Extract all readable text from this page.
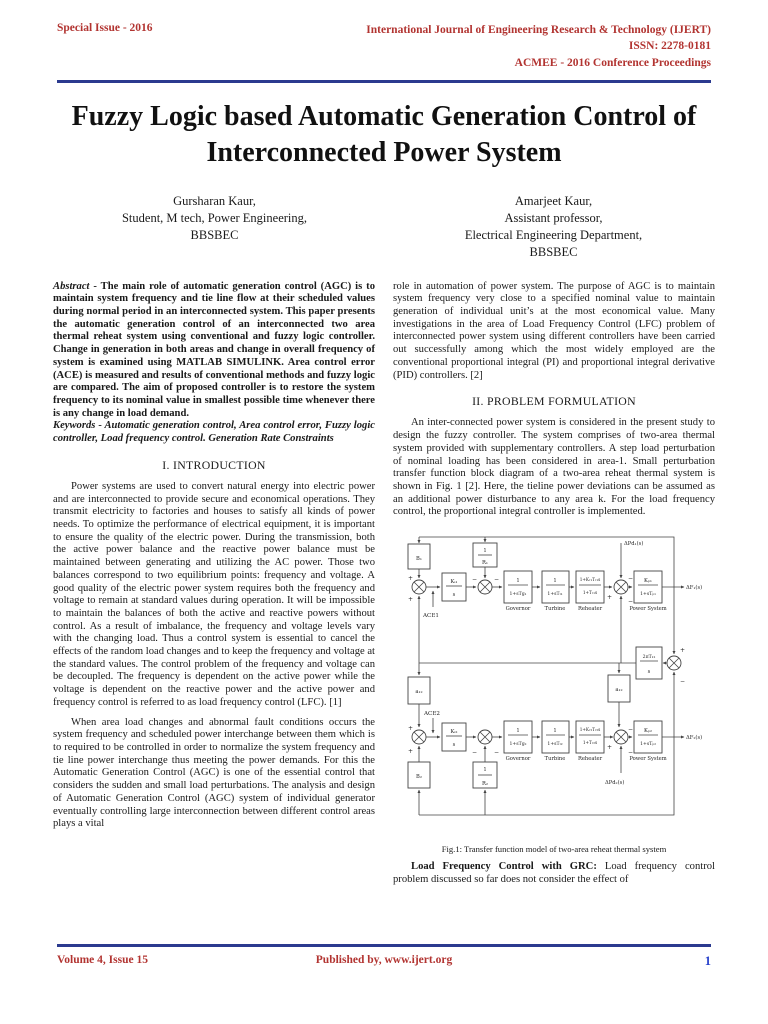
Special Issue - 2016	International Journal of Engineering Research & Technology (IJERT)
ISSN: 2278-0181
ACMEE - 2016 Conference Proceedings
Fuzzy Logic based Automatic Generation Control of Interconnected Power System
Gursharan Kaur,
Student, M tech, Power Engineering,
BBSBEC
Amarjeet Kaur,
Assistant professor,
Electrical Engineering Department,
BBSBEC

Abstract - The main role of automatic generation control (AGC) is to maintain system frequency and tie line flow at their scheduled values during normal period in an interconnected system. This paper presents the automatic generation control of an interconnected two area thermal reheat system using conventional and fuzzy logic controller. Change in generation in both areas and change in overall frequency of system is examined using MATLAB SIMULINK. Area control error (ACE) is measured and results of conventional methods and fuzzy logic are compared. The aim of proposed controller is to restore the system frequency to its nominal value in smallest possible time whenever there is any change in load demand.

Keywords - Automatic generation control, Area control error, Fuzzy logic controller, Load frequency control. Generation Rate Constraints

I. INTRODUCTION

Power systems are used to convert natural energy into electric power and are interconnected to provide secure and economical operations. They transmit electricity to factories and houses to satisfy all kinds of power needs. To optimize the performance of electrical equipment, it is important to ensure the quality of the electric power. During the transmission, both the active power balance and the reactive power balance must be maintained between generating and utilizing the AC power. Those two balances correspond to two equilibrium points: frequency and voltage. A good quality of the electric power system requires both the frequency and voltage to remain at standard values during operation. It will be impossible to maintain the balances of both the active and reactive powers without control. As a result of imbalance, the frequency and voltage levels vary with the changing load. Thus a control system is essential to cancel the effects of the random load changes and to keep the frequency and voltage at the standard values. The control problem of the frequency and voltage can be decoupled. The frequency is dependent on the active power while the voltage is dependent on the reactive power and the active power and frequency control is referred to as load frequency control (LFC). [1]

When area load changes and abnormal fault conditions occurs the system frequency and scheduled power interchange between them which is to required to be controlled in order to normalize the system frequency and tie line power interchange thus meeting the power demands. For this the Automatic Generation Control (AGC) is one of the essential control that considers the sudden and small load perturbations. The analysis and design of Automatic Generation Control (AGC) system of individual generator eventually controlling large interconnection between different control areas plays a vital

role in automation of power system. The purpose of AGC is to maintain system frequency very close to a specified nominal value to maintain generation of individual unit’s at the most economical value. Many investigations in the area of Load Frequency Control (LFC) problem of interconnected power system using different controllers have been carried out successfully among which the most widely employed are the conventional proportional integral (PI) and proportional integral derivative (PID) controllers. [2]

II. PROBLEM FORMULATION

An inter-connected power system is considered in the present study to design the fuzzy controller. The system comprises of two-area thermal system provided with supplementary controllers. A step load perturbation of nominal loading has been considered in area-1. Small perturbation transfer function block diagram of a two-area reheat thermal system is shown in Fig. 1 [2]. Here, the tieline power deviations can be assumed as an additional power disturbance to any area k. For the load frequency control, the proportional integral controller is implemented.

B₁
+
+
ACE1
Kᵢ₁
s
1
R₁
−	−	1
1+sTg₁
Governor
1
1+sTₜ₁
Turbine
1+Kᵣ₁Tᵣ₁s
1+Tᵣ₁s
Reheater
+
−
−
ΔPd₁(s)
Kₚ₁
1+sTₚ₁
Power System
ΔF₁(s)
+
−
2πT₁₂
s
a₁₂
a₁₂
+
+
ACE2
Kᵢ₂
s
−	−
1
1+sTg₂
Governor
1
1+sTₜ₂
Turbine
1+Kᵣ₂Tᵣ₂s
1+Tᵣ₂s
Reheater
+
−
−
ΔPd₂(s)
Kₚ₂
1+sTₚ₂
Power System
ΔF₂(s)
B₂
1
R₂
Fig.1: Transfer function model of two-area reheat thermal system

Load Frequency Control with GRC: Load frequency control problem discussed so far does not consider the effect of

Volume 4, Issue 15	Published by, www.ijert.org	1
